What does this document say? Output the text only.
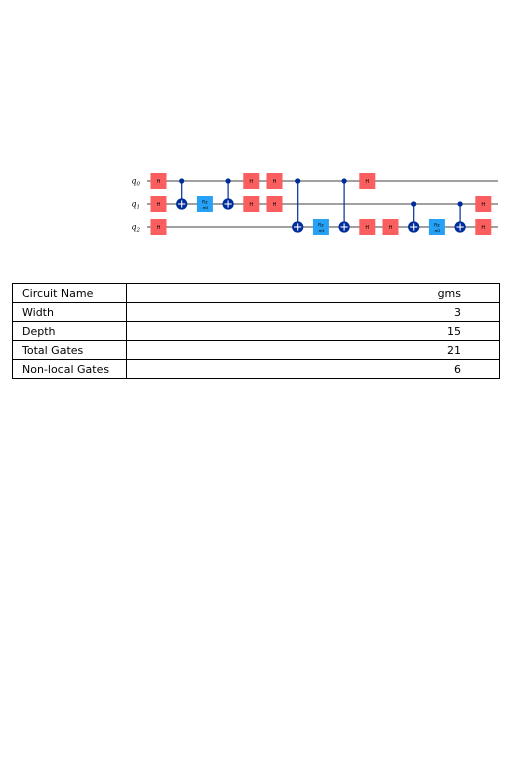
$q_0$
$q_1$
$q_2$
H
H
H
Rz
-π/4
H
H
H
H
Rz
-π/4
H
H	H	Rz
-π/2
H
H
Circuit Name	gms
Width	3
Depth	15
Total Gates	21
Non-local Gates	6
